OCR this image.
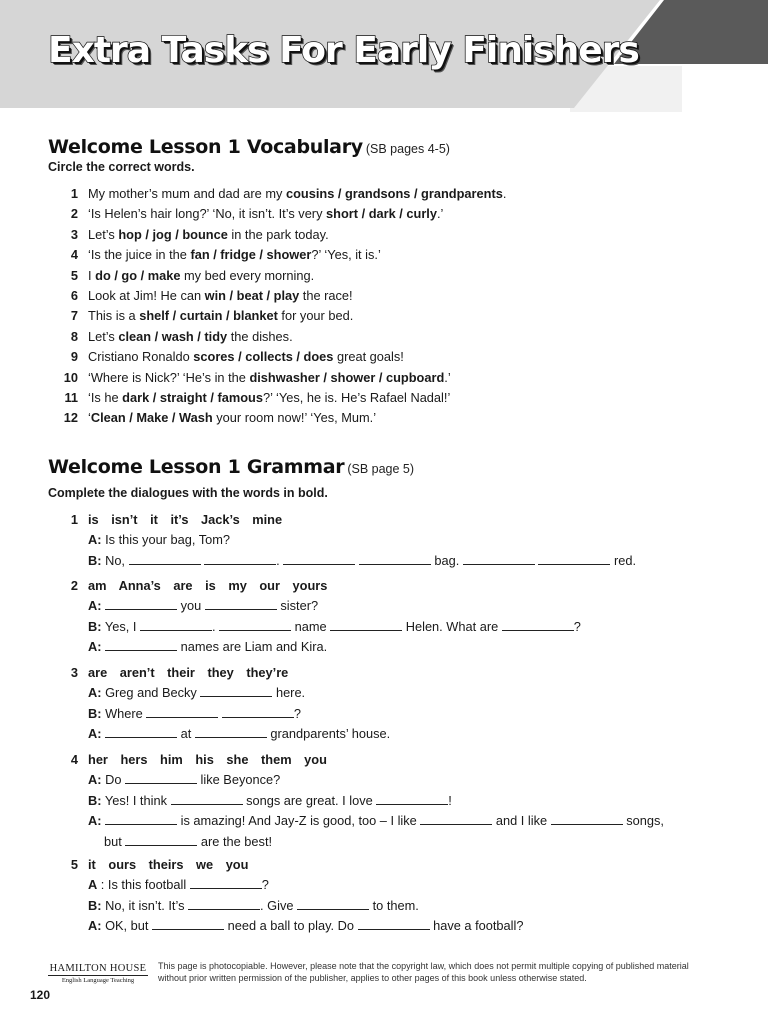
Extra Tasks For Early Finishers
Welcome Lesson 1 Vocabulary (SB pages 4-5)

Circle the correct words.

1 My mother’s mum and dad are my cousins / grandsons / grandparents.
2 ‘Is Helen’s hair long?’ ‘No, it isn’t. It’s very short / dark / curly.’
3 Let’s hop / jog / bounce in the park today.
4 ‘Is the juice in the fan / fridge / shower?’ ‘Yes, it is.’
5 I do / go / make my bed every morning.
6 Look at Jim! He can win / beat / play the race!
7 This is a shelf / curtain / blanket for your bed.
8 Let’s clean / wash / tidy the dishes.
9 Cristiano Ronaldo scores / collects / does great goals!
10 ‘Where is Nick?’ ‘He’s in the dishwasher / shower / cupboard.’
11 ‘Is he dark / straight / famous?’ ‘Yes, he is. He’s Rafael Nadal!’
12 ‘Clean / Make / Wash your room now!’ ‘Yes, Mum.’
Welcome Lesson 1 Grammar (SB page 5)

Complete the dialogues with the words in bold.

1 is isn’t it it’s Jack’s mine
A: Is this your bag, Tom?
B: No,	.	bag.	red.
2 am Anna’s are is my our yours
A:	you	sister?
B: Yes, I	.	name	Helen. What are	?
A:	names are Liam and Kira.
3 are aren’t their they they’re
A: Greg and Becky	here.
B: Where	?
A:	at	grandparents’ house.
4 her hers him his she them you
A: Do	like Beyonce?
B: Yes! I think	songs are great. I love	!
A:	is amazing! And Jay-Z is good, too – I like	and I like	songs,
but	are the best!
5 it ours theirs we you
A : Is this football	?
B: No, it isn’t. It’s	. Give	to them.
A: OK, but	need a ball to play. Do	have a football?
HAMILTON HOUSE
English Language Teaching
This page is photocopiable. However, please note that the copyright law, which does not permit multiple copying of published material without prior written permission of the publisher, applies to other pages of this book unless otherwise stated.
120
